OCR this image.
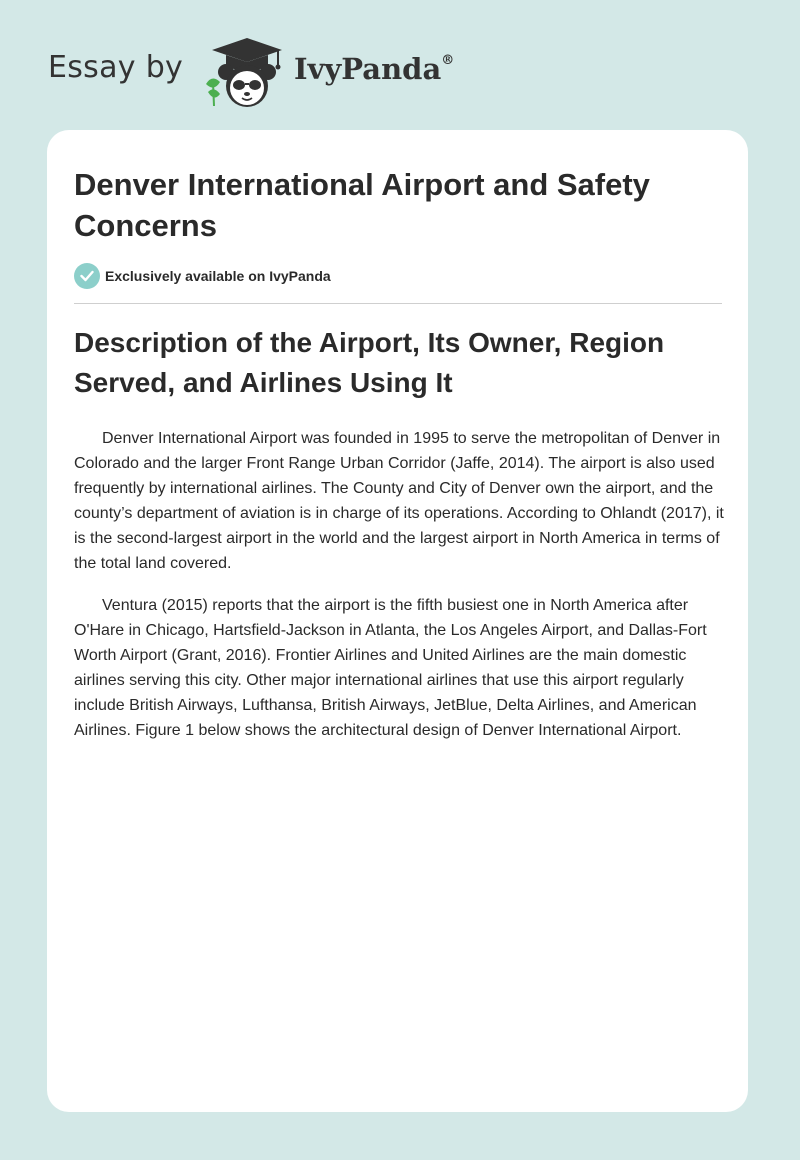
Essay by	IvyPanda®
Denver International Airport and Safety Concerns
Exclusively available on IvyPanda
Description of the Airport, Its Owner, Region Served, and Airlines Using It

Denver International Airport was founded in 1995 to serve the metropolitan of Denver in Colorado and the larger Front Range Urban Corridor (Jaffe, 2014). The airport is also used frequently by international airlines. The County and City of Denver own the airport, and the county’s department of aviation is in charge of its operations. According to Ohlandt (2017), it is the second-largest airport in the world and the largest airport in North America in terms of the total land covered.

Ventura (2015) reports that the airport is the fifth busiest one in North America after O'Hare in Chicago, Hartsfield-Jackson in Atlanta, the Los Angeles Airport, and Dallas-Fort Worth Airport (Grant, 2016). Frontier Airlines and United Airlines are the main domestic airlines serving this city. Other major international airlines that use this airport regularly include British Airways, Lufthansa, British Airways, JetBlue, Delta Airlines, and American Airlines. Figure 1 below shows the architectural design of Denver International Airport.
